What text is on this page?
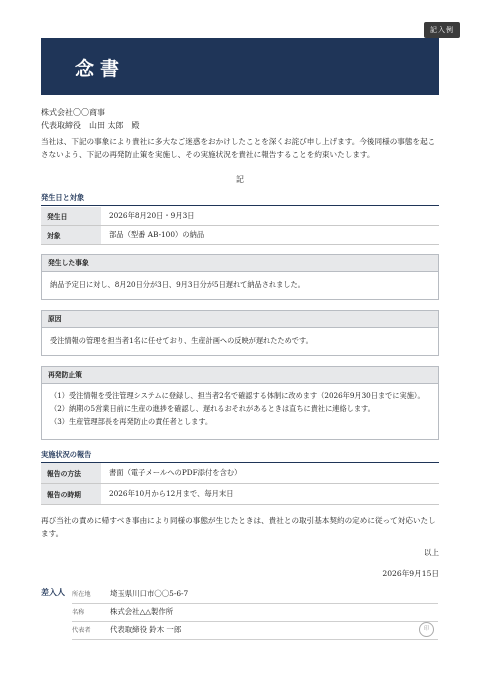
記入例
念書
株式会社〇〇商事
代表取締役 山田 太郎 殿
当社は、下記の事象により貴社に多大なご迷惑をおかけしたことを深くお詫び申し上げます。今後同様の事態を起こさないよう、下記の再発防止策を実施し、その実施状況を貴社に報告することを約束いたします。
記
発生日と対象
発生日	2026年8月20日・9月3日
対象	部品（型番 AB-100）の納品
発生した事象
納品予定日に対し、8月20日分が3日、9月3日分が5日遅れて納品されました。
原因
受注情報の管理を担当者1名に任せており、生産計画への反映が遅れたためです。
再発防止策
（1）受注情報を受注管理システムに登録し、担当者2名で確認する体制に改めます（2026年9月30日までに実施）。
（2）納期の5営業日前に生産の進捗を確認し、遅れるおそれがあるときは直ちに貴社に連絡します。
（3）生産管理部長を再発防止の責任者とします。
実施状況の報告
報告の方法	書面（電子メールへのPDF添付を含む）
報告の時期	2026年10月から12月まで、毎月末日
再び当社の責めに帰すべき事由により同様の事態が生じたときは、貴社との取引基本契約の定めに従って対応いたします。
以上
2026年9月15日
差入人 所在地	埼玉県川口市〇〇5-6-7
名称	株式会社△△製作所
代表者	代表取締役 鈴木 一郎	印
